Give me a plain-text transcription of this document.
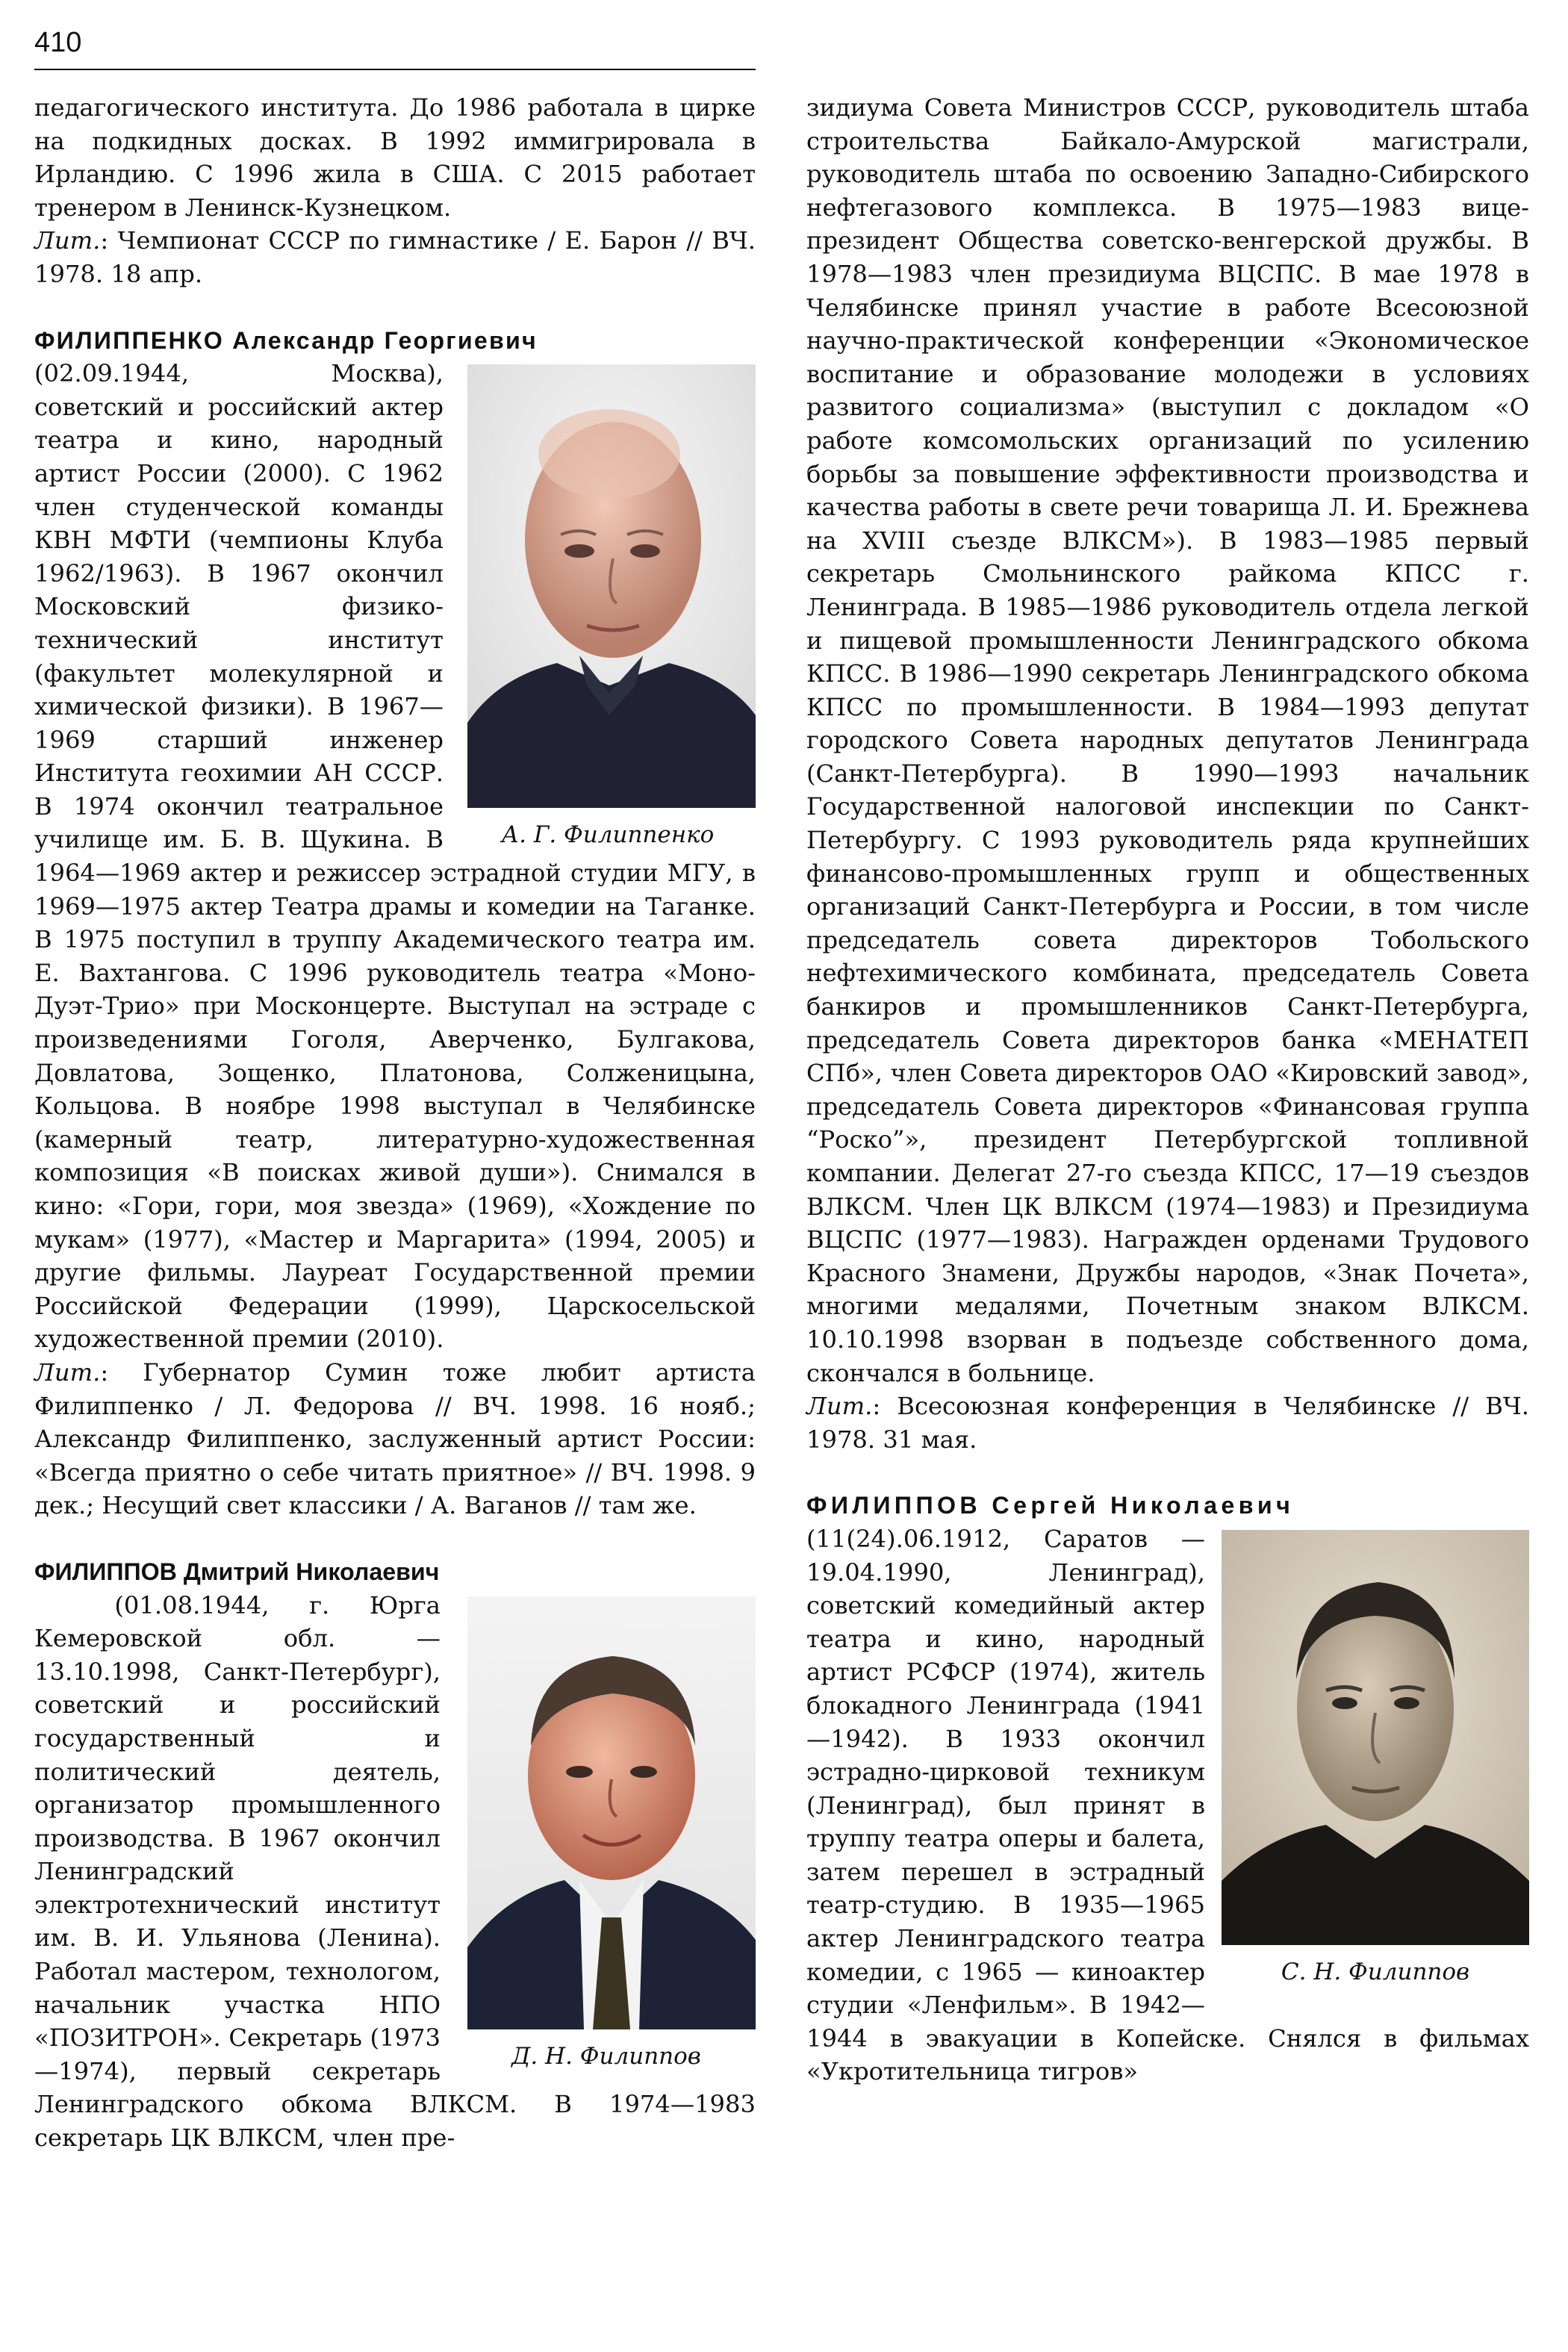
410

педагогического института. До 1986 работала в цирке на подкидных досках. В 1992 иммигрировала в Ирландию. С 1996 жила в США. С 2015 работает тренером в Ленинск-Кузнецком.

Лит.: Чемпионат СССР по гимнастике / Е. Барон // ВЧ. 1978. 18 апр.

ФИЛИППЕНКО Александр Георгиевич

А. Г. Филиппенко
(02.09.1944, Москва), советский и российский актер театра и кино, народный артист России (2000). С 1962 член студенческой команды КВН МФТИ (чемпионы Клуба 1962/1963). В 1967 окончил Московский физико-технический институт (факультет молекулярной и химической физики). В 1967—1969 старший инженер Института геохимии АН СССР. В 1974 окончил театральное училище им. Б. В. Щукина. В 1964—1969 актер и режиссер эстрадной студии МГУ, в 1969—1975 актер Театра драмы и комедии на Таганке. В 1975 поступил в труппу Академического театра им. Е. Вахтангова. С 1996 руководитель театра «Моно-Дуэт-Трио» при Москонцерте. Выступал на эстраде с произведениями Гоголя, Аверченко, Булгакова, Довлатова, Зощенко, Платонова, Солженицына, Кольцова. В ноябре 1998 выступал в Челябинске (камерный театр, литературно-художественная композиция «В поисках живой души»). Снимался в кино: «Гори, гори, моя звезда» (1969), «Хождение по мукам» (1977), «Мастер и Маргарита» (1994, 2005) и другие фильмы. Лауреат Государственной премии Российской Федерации (1999), Царскосельской художественной премии (2010).

Лит.: Губернатор Сумин тоже любит артиста Филиппенко / Л. Федорова // ВЧ. 1998. 16 нояб.; Александр Филиппенко, заслуженный артист России: «Всегда приятно о себе читать приятное» // ВЧ. 1998. 9 дек.; Несущий свет классики / А. Ваганов // там же.

ФИЛИППОВ Дмитрий Николаевич

Д. Н. Филиппов
(01.08.1944, г. Юрга Кемеровской обл. — 13.10.1998, Санкт-Петербург), советский и российский государственный и политический деятель, организатор промышленного производства. В 1967 окончил Ленинградский электротехнический институт им. В. И. Ульянова (Ленина). Работал мастером, технологом, начальник участка НПО «ПОЗИТРОН». Секретарь (1973—1974), первый секретарь Ленинградского обкома ВЛКСМ. В 1974—1983 секретарь ЦК ВЛКСМ, член пре-

зидиума Совета Министров СССР, руководитель штаба строительства Байкало-Амурской магистрали, руководитель штаба по освоению Западно-Сибирского нефтегазового комплекса. В 1975—1983 вице-президент Общества советско-венгерской дружбы. В 1978—1983 член президиума ВЦСПС. В мае 1978 в Челябинске принял участие в работе Всесоюзной научно-практической конференции «Экономическое воспитание и образование молодежи в условиях развитого социализма» (выступил с докладом «О работе комсомольских организаций по усилению борьбы за повышение эффективности производства и качества работы в свете речи товарища Л. И. Брежнева на XVIII съезде ВЛКСМ»). В 1983—1985 первый секретарь Смольнинского райкома КПСС г. Ленинграда. В 1985—1986 руководитель отдела легкой и пищевой промышленности Ленинградского обкома КПСС. В 1986—1990 секретарь Ленинградского обкома КПСС по промышленности. В 1984—1993 депутат городского Совета народных депутатов Ленинграда (Санкт-Петербурга). В 1990—1993 начальник Государственной налоговой инспекции по Санкт-Петербургу. С 1993 руководитель ряда крупнейших финансово-промышленных групп и общественных организаций Санкт-Петербурга и России, в том числе председатель совета директоров Тобольского нефтехимического комбината, председатель Совета банкиров и промышленников Санкт-Петербурга, председатель Совета директоров банка «МЕНАТЕП СПб», член Совета директоров ОАО «Кировский завод», председатель Совета директоров «Финансовая группа “Роско”», президент Петербургской топливной компании. Делегат 27-го съезда КПСС, 17—19 съездов ВЛКСМ. Член ЦК ВЛКСМ (1974—1983) и Президиума ВЦСПС (1977—1983). Награжден орденами Трудового Красного Знамени, Дружбы народов, «Знак Почета», многими медалями, Почетным знаком ВЛКСМ. 10.10.1998 взорван в подъезде собственного дома, скончался в больнице.

Лит.: Всесоюзная конференция в Челябинске // ВЧ. 1978. 31 мая.

ФИЛИППОВ Сергей Николаевич

С. Н. Филиппов
(11(24).06.1912, Саратов — 19.04.1990, Ленинград), советский комедийный актер театра и кино, народный артист РСФСР (1974), житель блокадного Ленинграда (1941—1942). В 1933 окончил эстрадно-цирковой техникум (Ленинград), был принят в труппу театра оперы и балета, затем перешел в эстрадный театр-студию. В 1935—1965 актер Ленинградского театра комедии, с 1965 — киноактер студии «Ленфильм». В 1942—1944 в эвакуации в Копейске. Снялся в фильмах «Укротительница тигров»
